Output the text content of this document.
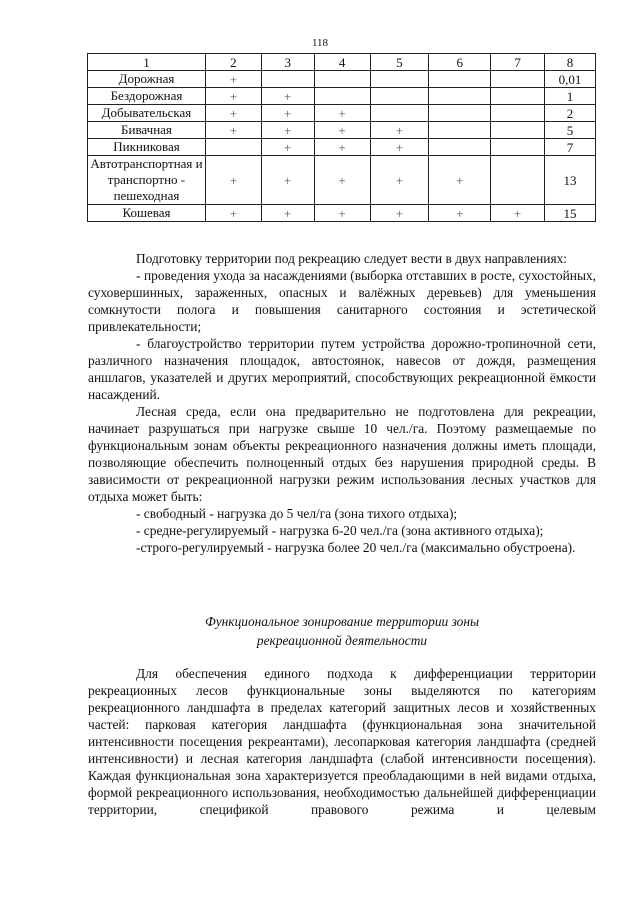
118
1	2	3	4	5	6	7	8
Дорожная	+						0,01
Бездорожная	+	+					1
Добывательская	+	+	+				2
Бивачная	+	+	+	+			5
Пикниковая		+	+	+			7
Автотранспортная и транспортно - пешеходная	+	+	+	+	+		13
Кошевая	+	+	+	+	+	+	15

Подготовку территории под рекреацию следует вести в двух направлениях:

- проведения ухода за насаждениями (выборка отставших в росте, сухостойных, суховершинных, зараженных, опасных и валёжных деревьев) для уменьшения сомкнутости полога и повышения санитарного состояния и эстетической привлекательности;

- благоустройство территории путем устройства дорожно-тропиночной сети, различного назначения площадок, автостоянок, навесов от дождя, размещения аншлагов, указателей и других мероприятий, способствующих рекреационной ёмкости насаждений.

Лесная среда, если она предварительно не подготовлена для рекреации, начинает разрушаться при нагрузке свыше 10 чел./га. Поэтому размещаемые по функциональным зонам объекты рекреационного назначения должны иметь площади, позволяющие обеспечить полноценный отдых без нарушения природной среды. В зависимости от рекреационной нагрузки режим использования лесных участков для отдыха может быть:

- свободный - нагрузка до 5 чел/га (зона тихого отдыха);

- средне-регулируемый - нагрузка 6-20 чел./га (зона активного отдыха);

-строго-регулируемый - нагрузка более 20 чел./га (максимально обустроена).

Функциональное зонирование территории зоны
рекреационной деятельности

Для обеспечения единого подхода к дифференциации территории рекреационных лесов функциональные зоны выделяются по категориям рекреационного ландшафта в пределах категорий защитных лесов и хозяйственных частей: парковая категория ландшафта (функциональная зона значительной интенсивности посещения рекреантами), лесопарковая категория ландшафта (средней интенсивности) и лесная категория ландшафта (слабой интенсивности посещения). Каждая функциональная зона характеризуется преобладающими в ней видами отдыха, формой рекреационного использования, необходимостью дальнейшей дифференциации территории, спецификой правового режима и целевым
